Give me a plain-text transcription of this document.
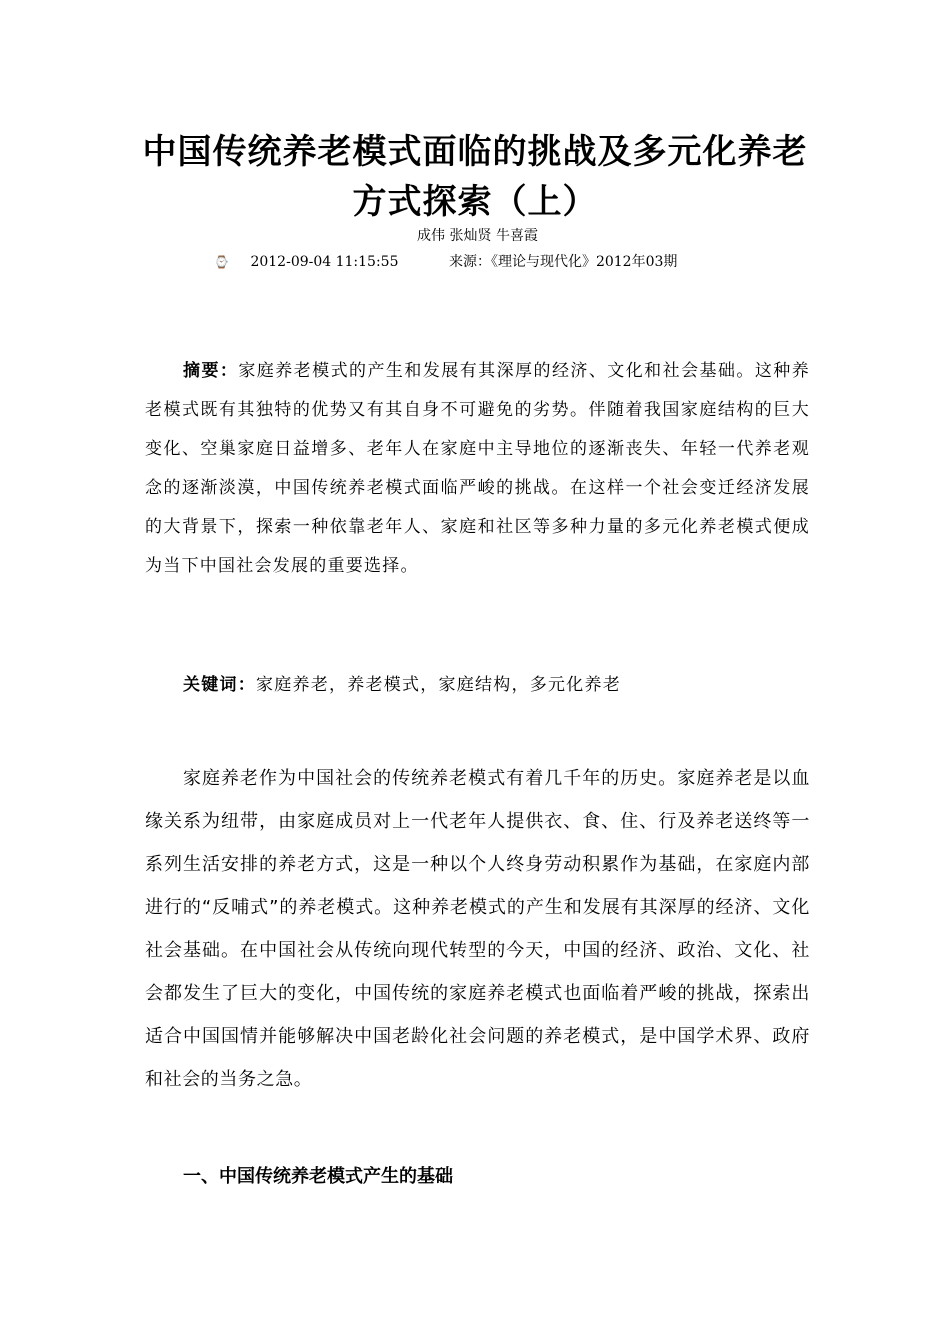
中国传统养老模式面临的挑战及多元化养老
方式探索（上）

成伟 张灿贤 牛喜霞

⌚ 2012-09-04 11:15:55	来源：《理论与现代化》2012年03期

摘要：家庭养老模式的产生和发展有其深厚的经济、文化和社会基础。这种养老模式既有其独特的优势又有其自身不可避免的劣势。伴随着我国家庭结构的巨大变化、空巢家庭日益增多、老年人在家庭中主导地位的逐渐丧失、年轻一代养老观念的逐渐淡漠，中国传统养老模式面临严峻的挑战。在这样一个社会变迁经济发展的大背景下，探索一种依靠老年人、家庭和社区等多种力量的多元化养老模式便成为当下中国社会发展的重要选择。

关键词：家庭养老，养老模式，家庭结构，多元化养老

家庭养老作为中国社会的传统养老模式有着几千年的历史。家庭养老是以血缘关系为纽带，由家庭成员对上一代老年人提供衣、食、住、行及养老送终等一系列生活安排的养老方式，这是一种以个人终身劳动积累作为基础，在家庭内部进行的“反哺式”的养老模式。这种养老模式的产生和发展有其深厚的经济、文化社会基础。在中国社会从传统向现代转型的今天，中国的经济、政治、文化、社会都发生了巨大的变化，中国传统的家庭养老模式也面临着严峻的挑战，探索出适合中国国情并能够解决中国老龄化社会问题的养老模式，是中国学术界、政府和社会的当务之急。

一、中国传统养老模式产生的基础
